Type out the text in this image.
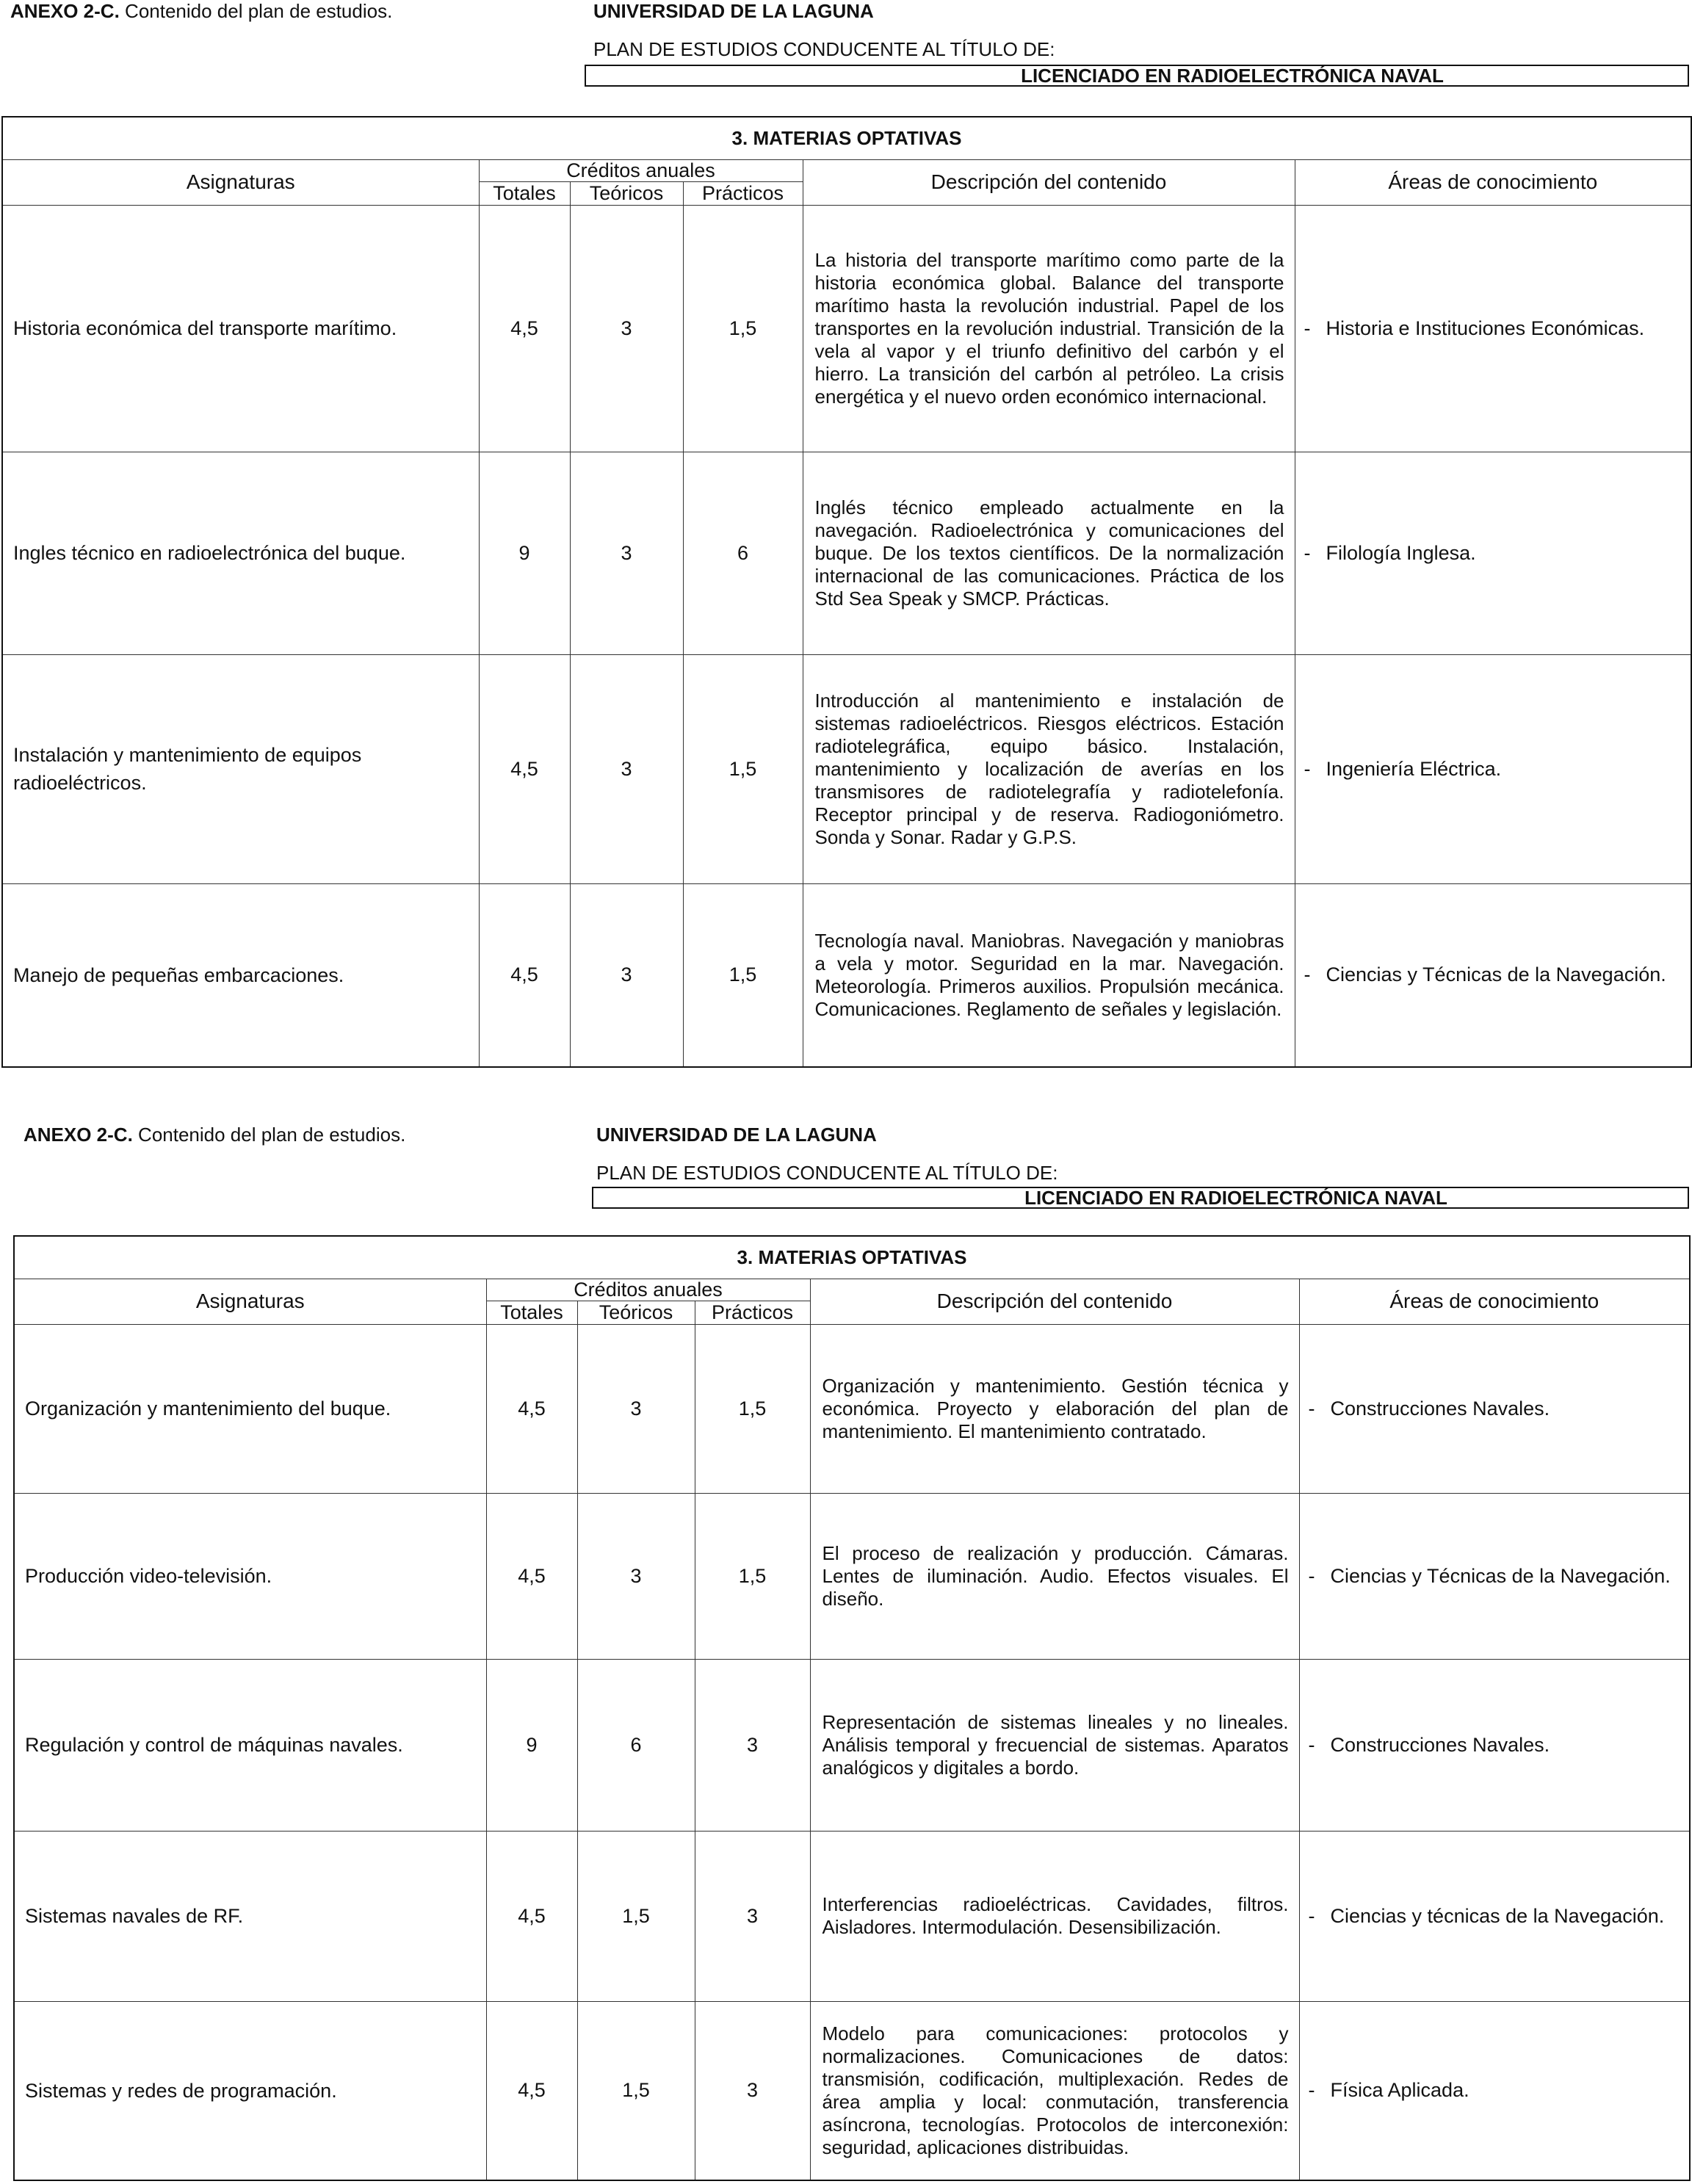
ANEXO 2-C. Contenido del plan de estudios.	UNIVERSIDAD DE LA LAGUNA
PLAN DE ESTUDIOS CONDUCENTE AL TÍTULO DE:
LICENCIADO EN RADIOELECTRÓNICA NAVAL
3. MATERIAS OPTATIVAS					
Asignaturas	Créditos anuales			Descripción del contenido	Áreas de conocimiento
	Totales	Teóricos	Prácticos		
Historia económica del transporte marítimo.	4,5	3	1,5	La historia del transporte marítimo como parte de la historia económica global. Balance del transporte marítimo hasta la revolución industrial. Papel de los transportes en la revolución industrial. Transición de la vela al vapor y el triunfo definitivo del carbón y el hierro. La transición del carbón al petróleo. La crisis energética y el nuevo orden económico internacional.	- Historia e Instituciones Económicas.

Ingles técnico en radioelectrónica del buque.	9	3	6	Inglés técnico empleado actualmente en la navegación. Radioelectrónica y comunicaciones del buque. De los textos científicos. De la normalización internacional de las comunicaciones. Práctica de los Std Sea Speak y SMCP. Prácticas.	- Filología Inglesa.

Instalación y mantenimiento de equipos radioeléctricos.	4,5	3	1,5	Introducción al mantenimiento e instalación de sistemas radioeléctricos. Riesgos eléctricos. Estación radiotelegráfica, equipo básico. Instalación, mantenimiento y localización de averías en los transmisores de radiotelegrafía y radiotelefonía. Receptor principal y de reserva. Radiogoniómetro. Sonda y Sonar. Radar y G.P.S.	- Ingeniería Eléctrica.

Manejo de pequeñas embarcaciones.	4,5	3	1,5	Tecnología naval. Maniobras. Navegación y maniobras a vela y motor. Seguridad en la mar. Navegación. Meteorología. Primeros auxilios. Propulsión mecánica. Comunicaciones. Reglamento de señales y legislación.	- Ciencias y Técnicas de la Navegación.
ANEXO 2-C. Contenido del plan de estudios.	UNIVERSIDAD DE LA LAGUNA
PLAN DE ESTUDIOS CONDUCENTE AL TÍTULO DE:
LICENCIADO EN RADIOELECTRÓNICA NAVAL
3. MATERIAS OPTATIVAS					
Asignaturas	Créditos anuales			Descripción del contenido	Áreas de conocimiento
	Totales	Teóricos	Prácticos		
Organización y mantenimiento del buque.	4,5	3	1,5	Organización y mantenimiento. Gestión técnica y económica. Proyecto y elaboración del plan de mantenimiento. El mantenimiento contratado.	- Construcciones Navales.

Producción video-televisión.	4,5	3	1,5	El proceso de realización y producción. Cámaras. Lentes de iluminación. Audio. Efectos visuales. El diseño.	- Ciencias y Técnicas de la Navegación.

Regulación y control de máquinas navales.	9	6	3	Representación de sistemas lineales y no lineales. Análisis temporal y frecuencial de sistemas. Aparatos analógicos y digitales a bordo.	- Construcciones Navales.

Sistemas navales de RF.	4,5	1,5	3	Interferencias radioeléctricas. Cavidades, filtros. Aisladores. Intermodulación. Desensibilización.	- Ciencias y técnicas de la Navegación.

Sistemas y redes de programación.	4,5	1,5	3	Modelo para comunicaciones: protocolos y normalizaciones. Comunicaciones de datos: transmisión, codificación, multiplexación. Redes de área amplia y local: conmutación, transferencia asíncrona, tecnologías. Protocolos de interconexión: seguridad, aplicaciones distribuidas.	- Física Aplicada.
